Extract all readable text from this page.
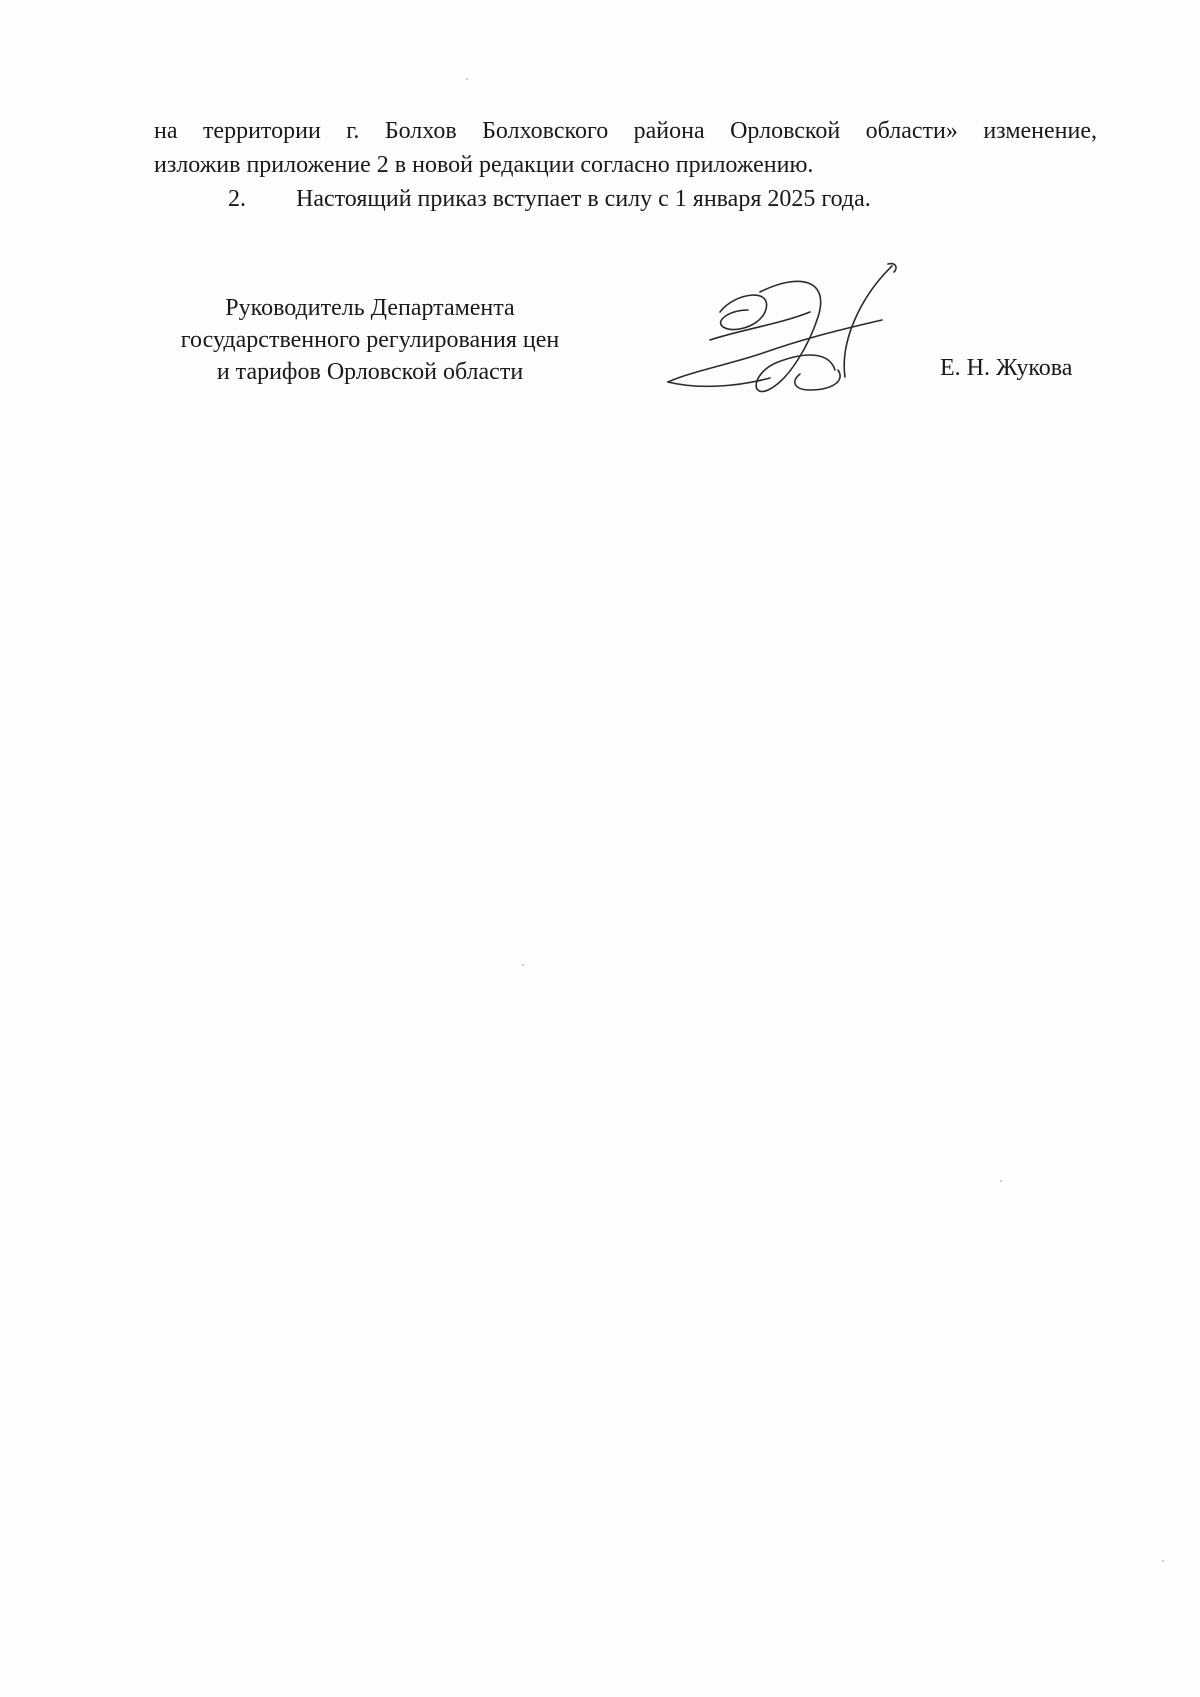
на территории г. Болхов Болховского района Орловской области» изменение,

изложив приложение 2 в новой редакции согласно приложению.

2. Настоящий приказ вступает в силу с 1 января 2025 года.

Руководитель Департамента
государственного регулирования цен
и тарифов Орловской области	Е. Н. Жукова
